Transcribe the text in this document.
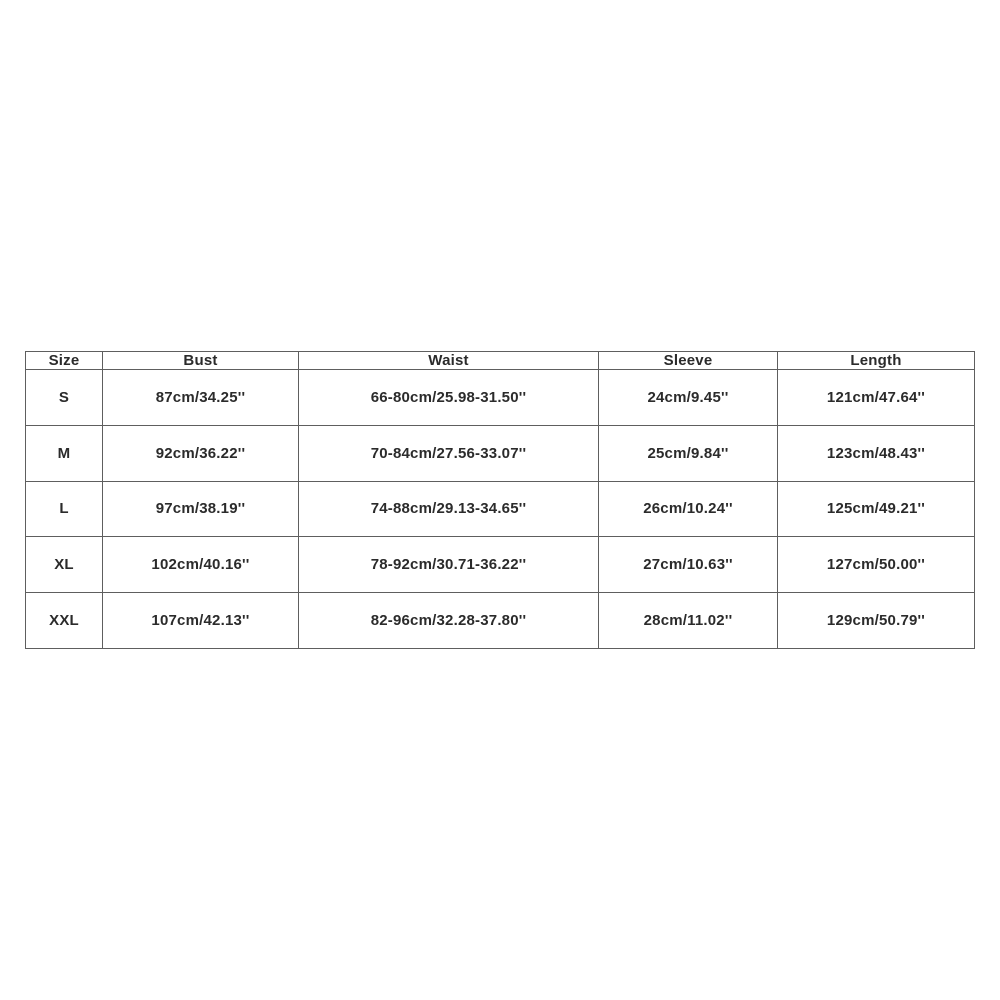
Size	Bust	Waist	Sleeve	Length
S	87cm/34.25''	66-80cm/25.98-31.50''	24cm/9.45''	121cm/47.64''
M	92cm/36.22''	70-84cm/27.56-33.07''	25cm/9.84''	123cm/48.43''
L	97cm/38.19''	74-88cm/29.13-34.65''	26cm/10.24''	125cm/49.21''
XL	102cm/40.16''	78-92cm/30.71-36.22''	27cm/10.63''	127cm/50.00''
XXL	107cm/42.13''	82-96cm/32.28-37.80''	28cm/11.02''	129cm/50.79''
